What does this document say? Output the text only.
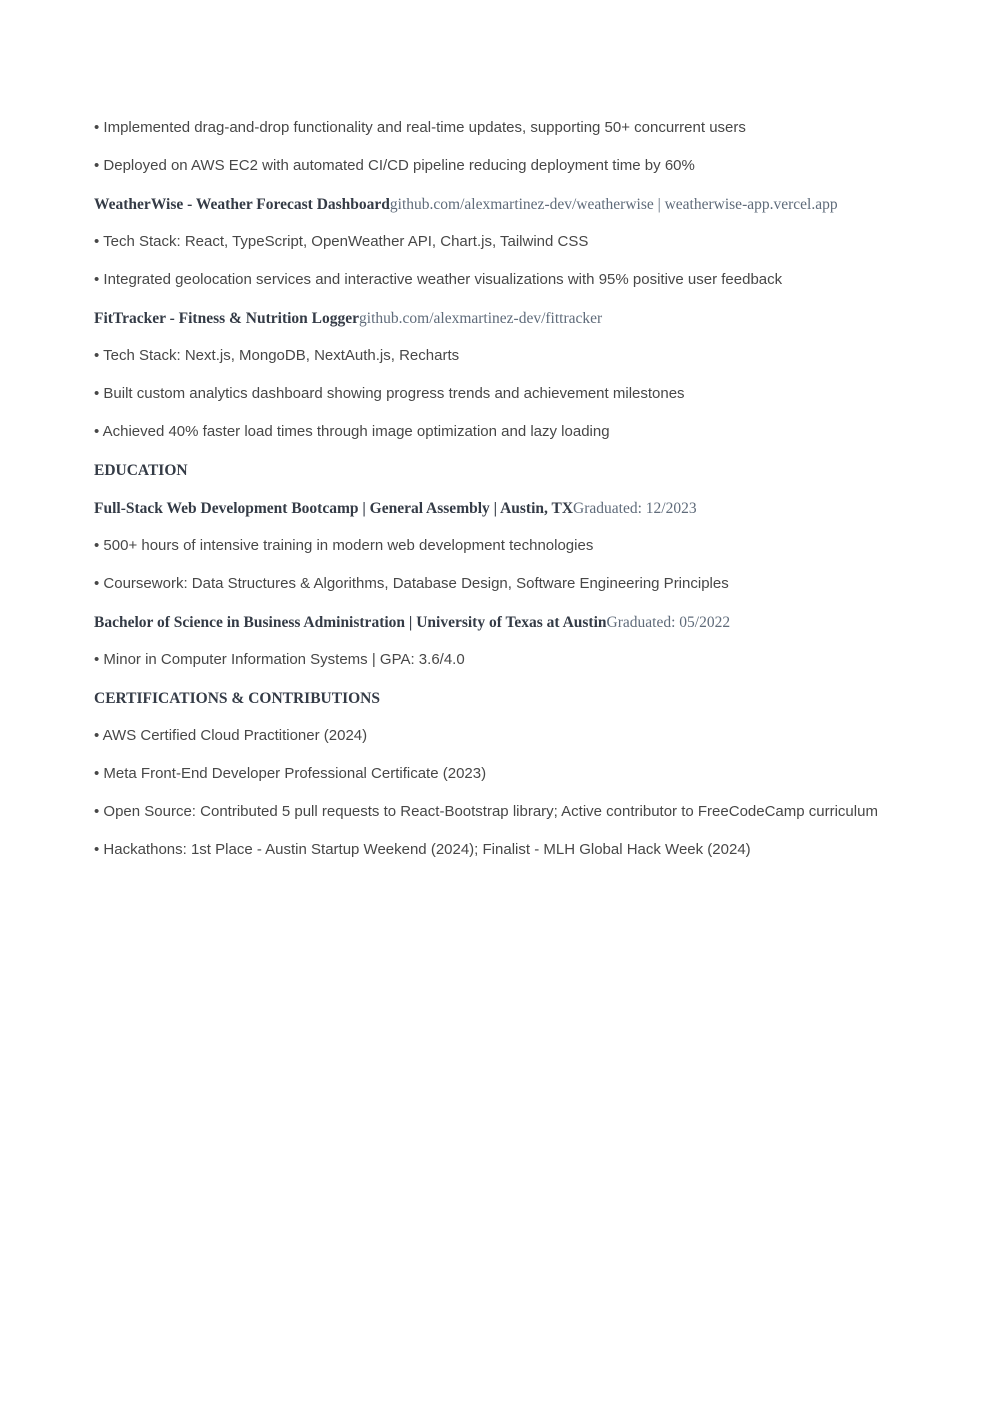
• Implemented drag-and-drop functionality and real-time updates, supporting 50+ concurrent users

• Deployed on AWS EC2 with automated CI/CD pipeline reducing deployment time by 60%

WeatherWise - Weather Forecast Dashboardgithub.com/alexmartinez-dev/weatherwise | weatherwise-app.vercel.app

• Tech Stack: React, TypeScript, OpenWeather API, Chart.js, Tailwind CSS

• Integrated geolocation services and interactive weather visualizations with 95% positive user feedback

FitTracker - Fitness & Nutrition Loggergithub.com/alexmartinez-dev/fittracker

• Tech Stack: Next.js, MongoDB, NextAuth.js, Recharts

• Built custom analytics dashboard showing progress trends and achievement milestones

• Achieved 40% faster load times through image optimization and lazy loading

EDUCATION

Full-Stack Web Development Bootcamp | General Assembly | Austin, TXGraduated: 12/2023

• 500+ hours of intensive training in modern web development technologies

• Coursework: Data Structures & Algorithms, Database Design, Software Engineering Principles

Bachelor of Science in Business Administration | University of Texas at AustinGraduated: 05/2022

• Minor in Computer Information Systems | GPA: 3.6/4.0

CERTIFICATIONS & CONTRIBUTIONS

• AWS Certified Cloud Practitioner (2024)

• Meta Front-End Developer Professional Certificate (2023)

• Open Source: Contributed 5 pull requests to React-Bootstrap library; Active contributor to FreeCodeCamp curriculum

• Hackathons: 1st Place - Austin Startup Weekend (2024); Finalist - MLH Global Hack Week (2024)
